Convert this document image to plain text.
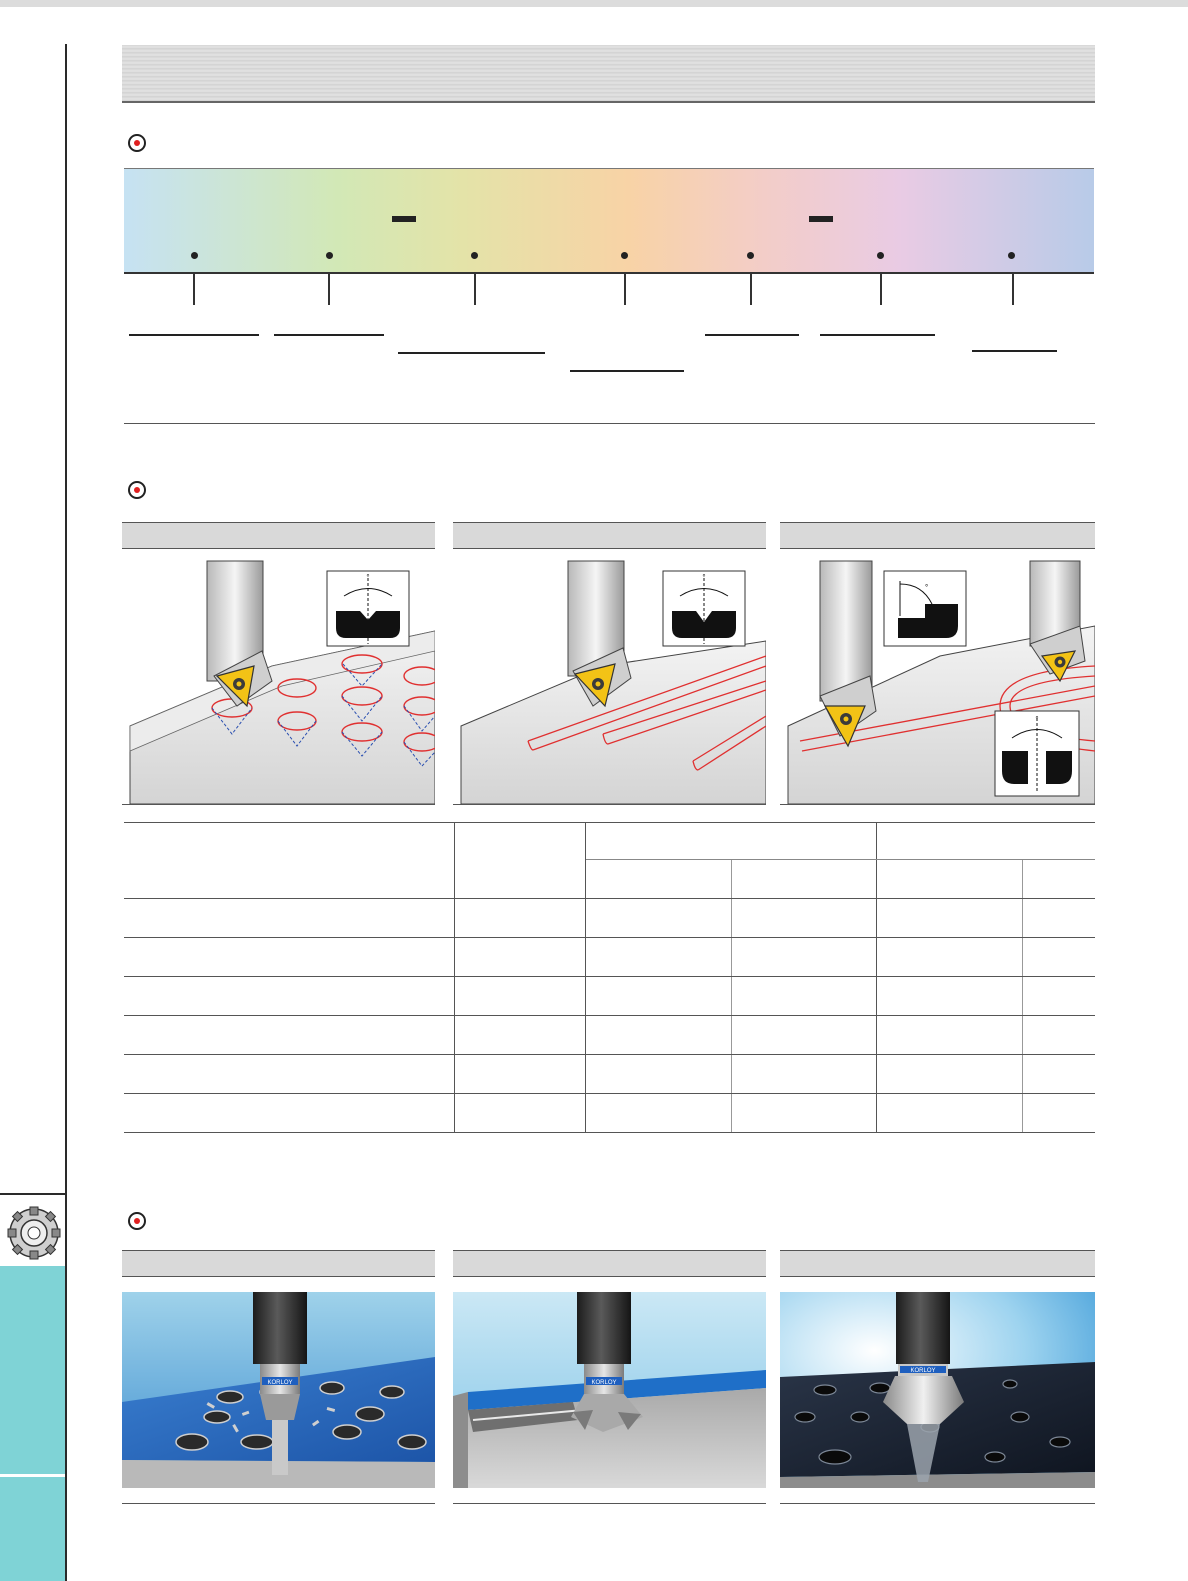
°	°
°
°

KORLOY	KORLOY
KORLOY
